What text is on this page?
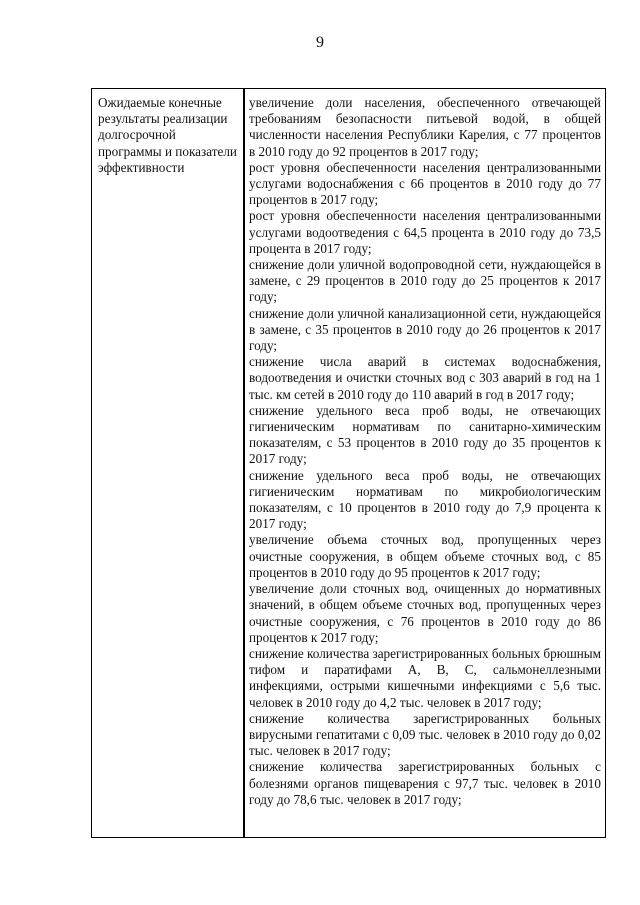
9
Ожидаемые конечные результаты реализации долгосрочной программы и показатели эффективности

увеличение доли населения, обеспеченного отвечающей требованиям безопасности питьевой водой, в общей численности населения Республики Карелия, с 77 процентов в 2010 году до 92 процентов в 2017 году;

рост уровня обеспеченности населения централизованными услугами водоснабжения с 66 процентов в 2010 году до 77 процентов в 2017 году;

рост уровня обеспеченности населения централизованными услугами водоотведения с 64,5 процента в 2010 году до 73,5 процента в 2017 году;

снижение доли уличной водопроводной сети, нуждающейся в замене, с 29 процентов в 2010 году до 25 процентов к 2017 году;

снижение доли уличной канализационной сети, нуждающейся в замене, с 35 процентов в 2010 году до 26 процентов к 2017 году;

снижение числа аварий в системах водоснабжения, водоотведения и очистки сточных вод с 303 аварий в год на 1 тыс. км сетей в 2010 году до 110 аварий в год в 2017 году;

снижение удельного веса проб воды, не отвечающих гигиеническим нормативам по санитарно-химическим показателям, с 53 процентов в 2010 году до 35 процентов к 2017 году;

снижение удельного веса проб воды, не отвечающих гигиеническим нормативам по микробиологическим показателям, с 10 процентов в 2010 году до 7,9 процента к 2017 году;

увеличение объема сточных вод, пропущенных через очистные сооружения, в общем объеме сточных вод, с 85 процентов в 2010 году до 95 процентов к 2017 году;

увеличение доли сточных вод, очищенных до нормативных значений, в общем объеме сточных вод, пропущенных через очистные сооружения, с 76 процентов в 2010 году до 86 процентов к 2017 году;

снижение количества зарегистрированных больных брюшным тифом и паратифами А, В, С, сальмонеллезными инфекциями, острыми кишечными инфекциями с 5,6 тыс. человек в 2010 году до 4,2 тыс. человек в 2017 году;

снижение количества зарегистрированных больных вирусными гепатитами с 0,09 тыс. человек в 2010 году до 0,02 тыс. человек в 2017 году;

снижение количества зарегистрированных больных с болезнями органов пищеварения с 97,7 тыс. человек в 2010 году до 78,6 тыс. человек в 2017 году;
